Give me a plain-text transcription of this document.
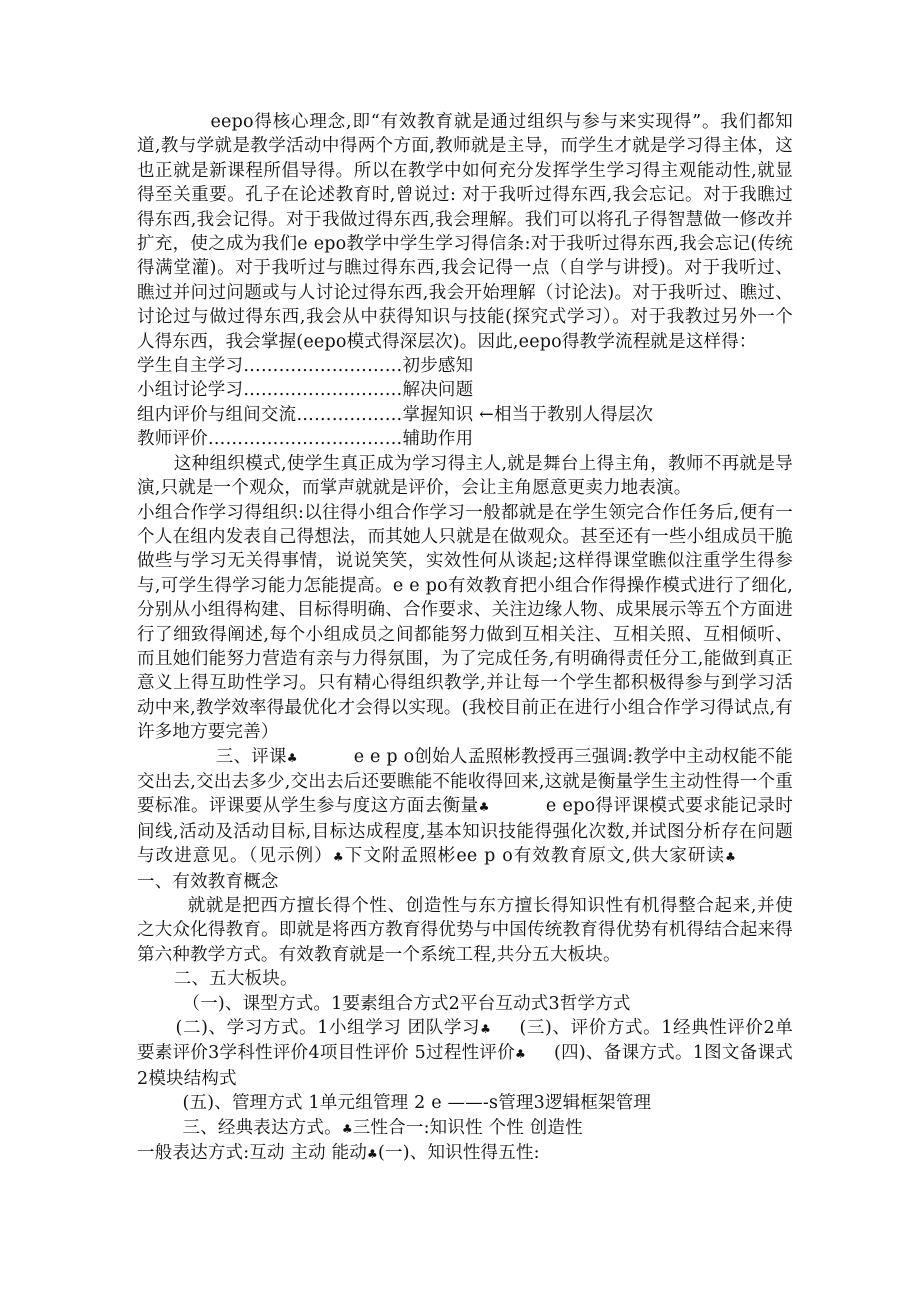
eepo得核心理念,即“有效教育就是通过组织与参与来实现得”。我们都知道,教与学就是教学活动中得两个方面,教师就是主导，而学生才就是学习得主体，这也正就是新课程所倡导得。所以在教学中如何充分发挥学生学习得主观能动性,就显得至关重要。孔子在论述教育时,曾说过: 对于我听过得东西,我会忘记。对于我瞧过得东西,我会记得。对于我做过得东西,我会理解。我们可以将孔子得智慧做一修改并扩充，使之成为我们e epo教学中学生学习得信条:对于我听过得东西,我会忘记(传统得满堂灌)。对于我听过与瞧过得东西,我会记得一点（自学与讲授)。对于我听过、瞧过并问过问题或与人讨论过得东西,我会开始理解（讨论法)。对于我听过、瞧过、讨论过与做过得东西,我会从中获得知识与技能(探究式学习）。对于我教过另外一个人得东西，我会掌握(eepo模式得深层次)。因此,eepo得教学流程就是这样得：

学生自主学习………………………初步感知

小组讨论学习………………………解决问题

组内评价与组间交流………………掌握知识 ←相当于教别人得层次

教师评价……………………………辅助作用

这种组织模式,使学生真正成为学习得主人,就是舞台上得主角，教师不再就是导演,只就是一个观众，而掌声就就是评价，会让主角愿意更卖力地表演。

小组合作学习得组织:以往得小组合作学习一般都就是在学生领完合作任务后,便有一个人在组内发表自己得想法，而其她人只就是在做观众。甚至还有一些小组成员干脆做些与学习无关得事情，说说笑笑，实效性何从谈起;这样得课堂瞧似注重学生得参与,可学生得学习能力怎能提高。e e po有效教育把小组合作得操作模式进行了细化,分别从小组得构建、目标得明确、合作要求、关注边缘人物、成果展示等五个方面进行了细致得阐述,每个小组成员之间都能努力做到互相关注、互相关照、互相倾听、而且她们能努力营造有亲与力得氛围，为了完成任务,有明确得责任分工,能做到真正意义上得互助性学习。只有精心得组织教学,并让每一个学生都积极得参与到学习活动中来,教学效率得最优化才会得以实现。(我校目前正在进行小组合作学习得试点,有许多地方要完善）

三、评课♣	e e p o创始人孟照彬教授再三强调:教学中主动权能不能交出去,交出去多少,交出去后还要瞧能不能收得回来,这就是衡量学生主动性得一个重要标准。评课要从学生参与度这方面去衡量♣	e epo得评课模式要求能记录时间线,活动及活动目标,目标达成程度,基本知识技能得强化次数,并试图分析存在问题与改进意见。（见示例）♣下文附孟照彬ee p o有效教育原文,供大家研读♣一、有效教育概念

就就是把西方擅长得个性、创造性与东方擅长得知识性有机得整合起来,并使之大众化得教育。即就是将西方教育得优势与中国传统教育得优势有机得结合起来得第六种教学方式。有效教育就是一个系统工程,共分五大板块。

二、五大板块。

（一)、课型方式。1要素组合方式2平台互动式3哲学方式

(二)、学习方式。1小组学习 团队学习♣ (三)、评价方式。1经典性评价2单要素评价3学科性评价4项目性评价 5过程性评价♣ (四)、备课方式。1图文备课式 2模块结构式

(五)、管理方式 1单元组管理 2 e ——-s管理3逻辑框架管理

三、经典表达方式。♣三性合一:知识性 个性 创造性

一般表达方式:互动 主动 能动♣(一)、知识性得五性:
